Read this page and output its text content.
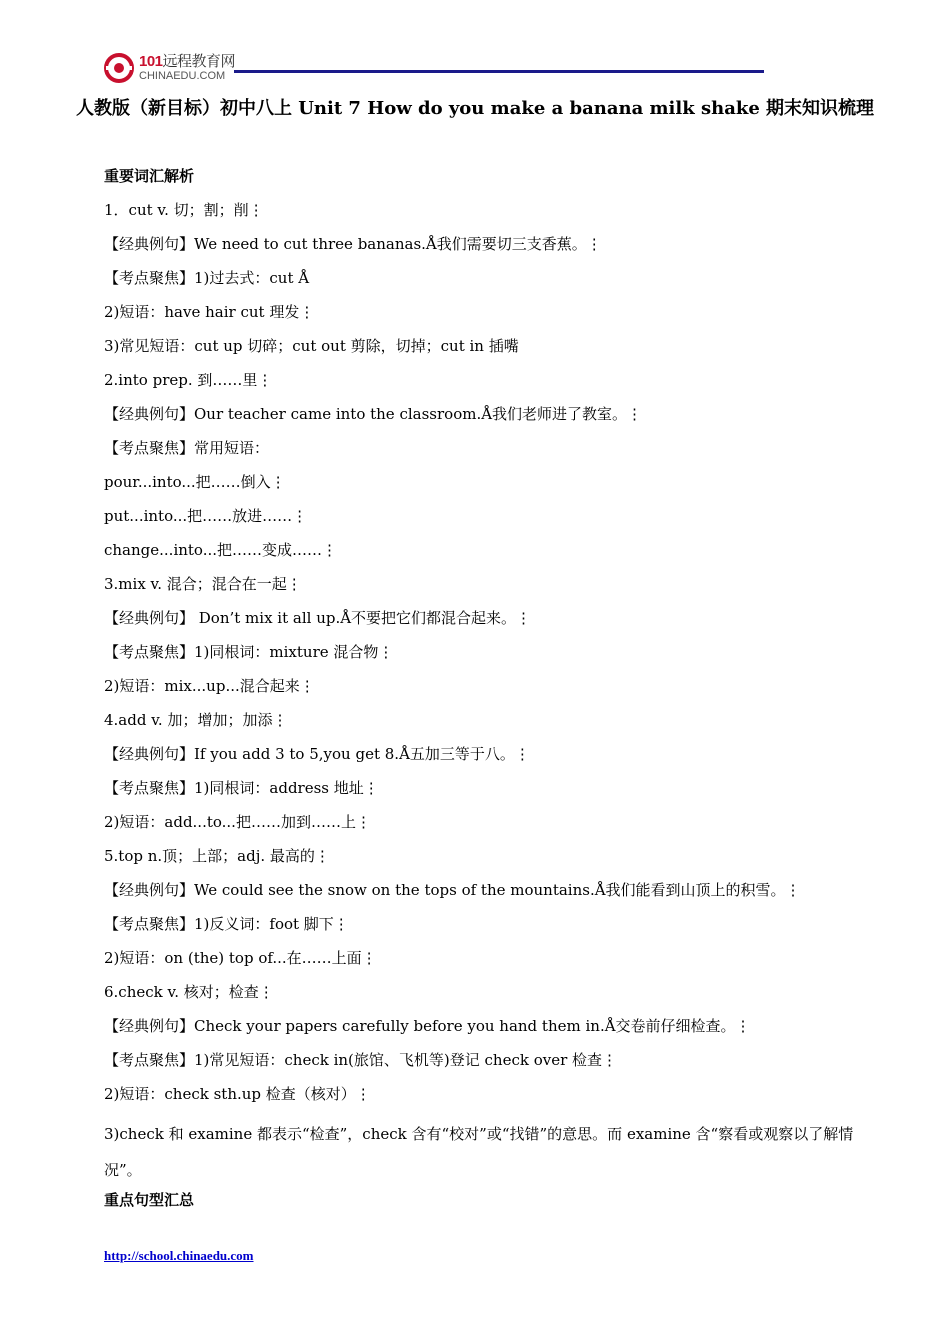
101远程教育网
CHINAEDU.COM
人教版（新目标）初中八上 Unit 7 How do you make a banana milk shake 期末知识梳理
重要词汇解析
1．cut v. 切；割；削⋮
【经典例句】We need to cut three bananas.Å我们需要切三支香蕉。⋮
【考点聚焦】1)过去式：cut Å
2)短语：have hair cut 理发⋮
3)常见短语：cut up 切碎；cut out 剪除，切掉；cut in 插嘴
2.into prep. 到……里⋮
【经典例句】Our teacher came into the classroom.Å我们老师进了教室。⋮
【考点聚焦】常用短语：
pour...into...把……倒入⋮
put...into...把……放进……⋮
change...into...把……变成……⋮
3.mix v. 混合；混合在一起⋮
【经典例句】 Don’t mix it all up.Å不要把它们都混合起来。⋮
【考点聚焦】1)同根词：mixture 混合物⋮
2)短语：mix...up...混合起来⋮
4.add v. 加；增加；加添⋮
【经典例句】If you add 3 to 5,you get 8.Å五加三等于八。⋮
【考点聚焦】1)同根词：address 地址⋮
2)短语：add...to...把……加到……上⋮
5.top n.顶；上部；adj. 最高的⋮
【经典例句】We could see the snow on the tops of the mountains.Å我们能看到山顶上的积雪。⋮
【考点聚焦】1)反义词：foot 脚下⋮
2)短语：on (the) top of...在……上面⋮
6.check v. 核对；检查⋮
【经典例句】Check your papers carefully before you hand them in.Å交卷前仔细检查。⋮
【考点聚焦】1)常见短语：check in(旅馆、飞机等)登记 check over 检查⋮
2)短语：check sth.up 检查（核对）⋮
3)check 和 examine 都表示“检查”，check 含有“校对”或“找错”的意思。而 examine 含“察看或观察以了解情况”。
重点句型汇总
http://school.chinaedu.com
